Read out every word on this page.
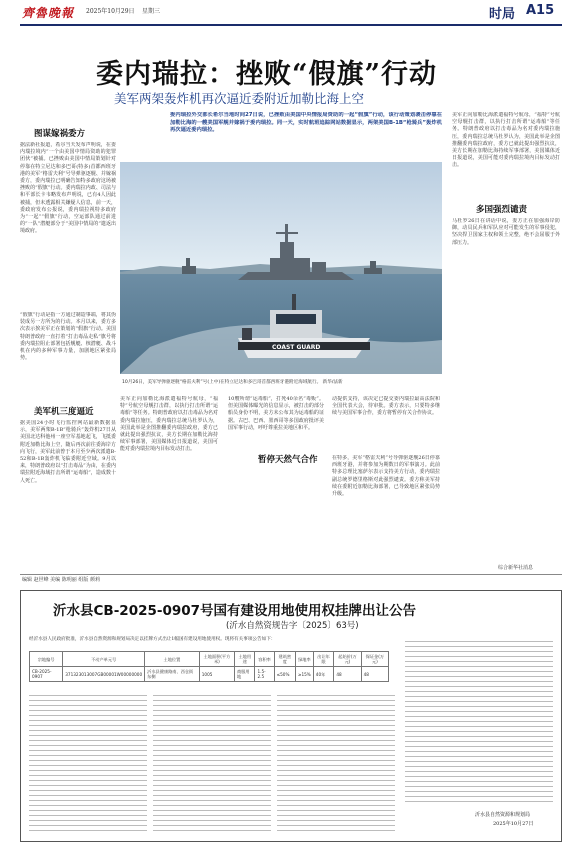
齊魯晚報 2025年10月29日 星期三	时局 A15
委内瑞拉：挫败“假旗”行动
美军两架轰炸机再次逼近委附近加勒比海上空
委内瑞拉外交部长希尔当地时间27日说，已挫败由美国中央情报局资助的一起“假旗”行动，该行动策划袭击停靠在加勒比海的一艘美国军舰并嫁祸于委内瑞拉。同一天，实时航班追踪网站数据显示，两架美国B-1B“枪骑兵”轰炸机再次逼近委内瑞拉。
图谋嫁祸委方
据法新社报道，希尔当天发布声明说，在委内瑞拉境内“一个由美国中情局资助的犯罪团伙”被捕。已挫败由美国中情局策划针对停靠在特立尼达和多巴哥(特多)首都西班牙港的美军“格雷夫利”号导弹驱逐舰、并嫁祸委方，委内瑞拉已明确告知特多政府这场被挫败的“假旗”行动。委内瑞拉内政、司法与和平部长卡韦略发布声明说，已有4人因此被捕，但未透露相关嫌疑人信息，前一天，委政府发布公报说，委内瑞拉视特多政府为“一起”“假旗”行动，空运部队通过前进的“一队”潜艇部分于“美国中情局的”遣返出境政府。
“假旗”行动是指一方通过制造事端，将其伪装成另一方所为的行动。本月以来，委方多次表示挨美军正在策划的“假旗”行动。美国特朗普政府一直打着“打击毒品走私”旗号将委内瑞拉阻止部署包括舰艇、核潜艇、战斗机在内的多种军事力量，加剧地区紧张局势。
美军机三度逼近
据美国24小时飞行监控网站最新数据显示，美军两架B-1B“枪骑兵”轰炸机27日从美国北达科他州一座空军基地起飞，飞抵委附近加勒比海上空，随后再次前往委海岸方向飞行，美军此前曾于本月至少两次派遣B-52和B-1B轰炸机飞临委附近空域。9月以来，特朗普政府以“打击毒品”为由，在委内瑞拉附近海域打击所谓“运毒船”，造成数十人死亡。
COAST GUARD
10月26日，美军导弹驱逐舰“格雷夫利”号(上中)在特立尼达和多巴哥首都西班牙港附近海域航行。 新华/法新
美军正向加勒比海派遣福特号航母，“福特”号航空母舰打击群，以执行打击所谓“运毒船”等任务。特朗普政府以打击毒品为名对委内瑞拉施压，委内瑞拉总统马杜罗认为，美国此举是企图推翻委内瑞拉政府，委方已就此提出强烈抗议，美方长期在加勒比海持续军事部署，美国媒体近日报道说，美国可能对委内瑞拉境内目标发动打击。
多国强烈谴责
马杜罗26日在讲话中说，委方正在加强海岸防御，动员民兵和军队应对可能发生的军事侵犯，坚决捍卫国家主权和领土完整，绝不会屈服于外部压力。
美军正向加勒比海派遣福特号航母，“福特”号航空母舰打击群，以执行打击所谓“运毒船”等任务。特朗普政府以打击毒品为名对委内瑞拉施压，委内瑞拉总统马杜罗认为，美国此举是企图推翻委内瑞拉政府，委方已就此提出强烈抗议，美方长期在加勒比海持续军事部署，美国媒体近日报道说，美国可能对委内瑞拉境内目标发动打击。
10艘所谓“运毒船”，打死40余名“毒贩”。但美国媒体曝光的信息显示，被打击的部分船员身份不明，美方未公布其为运毒船的证据。古巴、巴西、墨西哥等多国政府批评美国军事行动，呼吁尊重拉美地区和平。
动提供支持，该决定已提交委内瑞拉最高法院和全国代表大会，待审批。委方表示，只要特多继续与美国军事合作，委方将暂停有关合作协议。
暂停天然气合作	在特多，美军“格雷夫利”号导弹驱逐舰26日停靠西班牙港，并将参加为期数日的军事演习。此前特多总理比塞萨尔表示支持美方行动，委内瑞拉副总统罗德里格斯对此强烈谴责。委方称美军持续在委附近加勒比海部署，已导致地区紧张局势升级。
综合新华社消息
编辑 赵世峰 美编 陈明丽 组版 颜莉
沂水县CB-2025-0907号国有建设用地使用权挂牌出让公告
(沂水自然资规告字〔2025〕63号)
经沂水县人民政府批准，沂水县自然资源和规划局决定以挂牌方式出让1幅国有建设用地使用权。现将有关事项公告如下：
宗地编号	不动产单元号	土地位置	土地面积(平方米)	土地用途	容积率	建筑密度	绿地率	出让年限	起始价(万元)	保证金(万元)
CB-2025-0907	371323013007GB00001W00000000	沂水县健康路南、西仓街东侧	1005	商服用地	1.5-2.5	≤50%	≥15%	40年	48	48
沂水县自然资源和规划局
2025年10月27日
